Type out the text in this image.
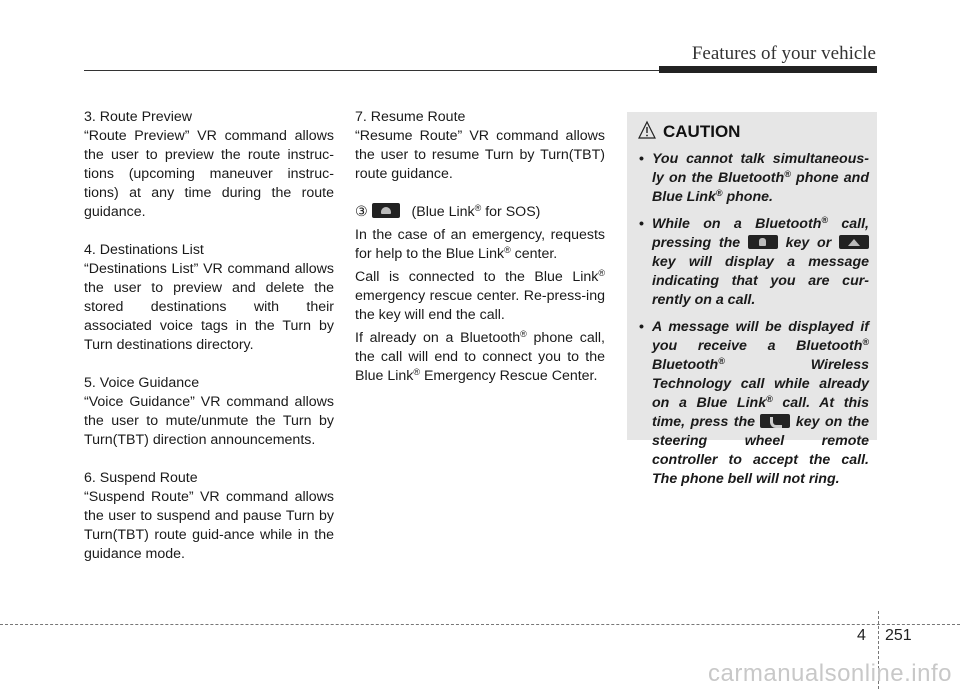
Features of your vehicle

3. Route Preview

“Route Preview” VR command allows the user to preview the route instruc-tions (upcoming maneuver instruc-tions) at any time during the route guidance.

4. Destinations List

“Destinations List” VR command allows the user to preview and delete the stored destinations with their associated voice tags in the Turn by Turn destinations directory.

5. Voice Guidance

“Voice Guidance” VR command allows the user to mute/unmute the Turn by Turn(TBT) direction announcements.

6. Suspend Route

“Suspend Route” VR command allows the user to suspend and pause Turn by Turn(TBT) route guid-ance while in the guidance mode.

7. Resume Route

“Resume Route” VR command allows the user to resume Turn by Turn(TBT) route guidance.

③	(Blue Link® for SOS)

In the case of an emergency, requests for help to the Blue Link® center.

Call is connected to the Blue Link® emergency rescue center. Re-press-ing the key will end the call.

If already on a Bluetooth® phone call, the call will end to connect you to the Blue Link® Emergency Rescue Center.

CAUTION
• You cannot talk simultaneous-ly on the Bluetooth® phone and Blue Link® phone.
• While on a Bluetooth® call, pressing the  key or  key will display a message indicating that you are cur-rently on a call.
• A message will be displayed if you receive a Bluetooth® Bluetooth® Wireless Technology call while already on a Blue Link® call. At this time, press the  key on the steering wheel remote controller to accept the call. The phone bell will not ring.
4 251
carmanualsonline.info
